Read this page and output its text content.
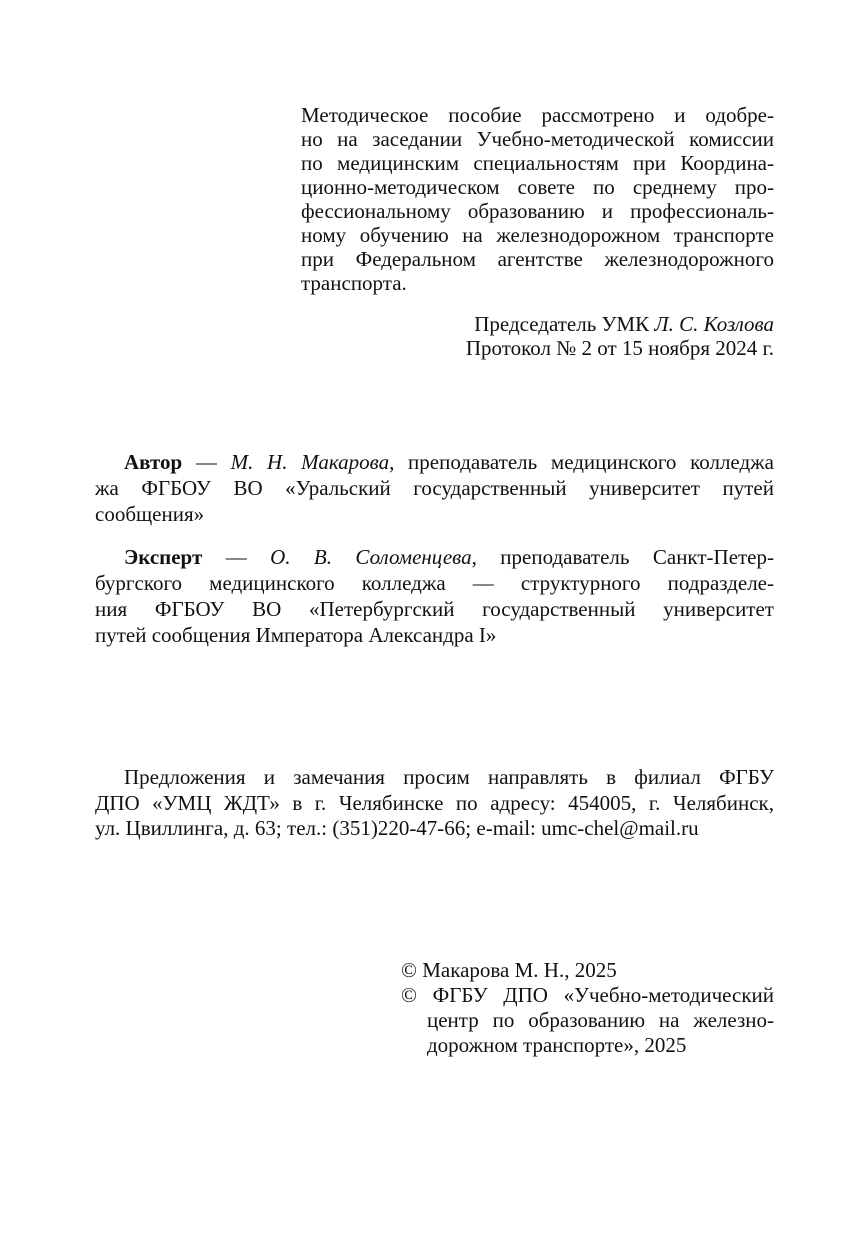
Методическое пособие рассмотрено и одобре-
но на заседании Учебно-методической комиссии
по медицинским специальностям при Координа-
ционно-методическом совете по среднему про-
фессиональному образованию и профессиональ-
ному обучению на железнодорожном транспорте
при Федеральном агентстве железнодорожного
транспорта.
Председатель УМК Л. С. Козлова
Протокол № 2 от 15 ноября 2024 г.
Автор — М. Н. Макарова, преподаватель медицинского колледжа
жа ФГБОУ ВО «Уральский государственный университет путей
сообщения»
Эксперт — О. В. Соломенцева, преподаватель Санкт-Петер-
бургского медицинского колледжа — структурного подразделе-
ния ФГБОУ ВО «Петербургский государственный университет
путей сообщения Императора Александра I»
Предложения и замечания просим направлять в филиал ФГБУ
ДПО «УМЦ ЖДТ» в г. Челябинске по адресу: 454005, г. Челябинск,
ул. Цвиллинга, д. 63; тел.: (351)220-47-66; e-mail: umc-chel@mail.ru
© Макарова М. Н., 2025
© ФГБУ ДПО «Учебно-методический
центр по образованию на железно-
дорожном транспорте», 2025
